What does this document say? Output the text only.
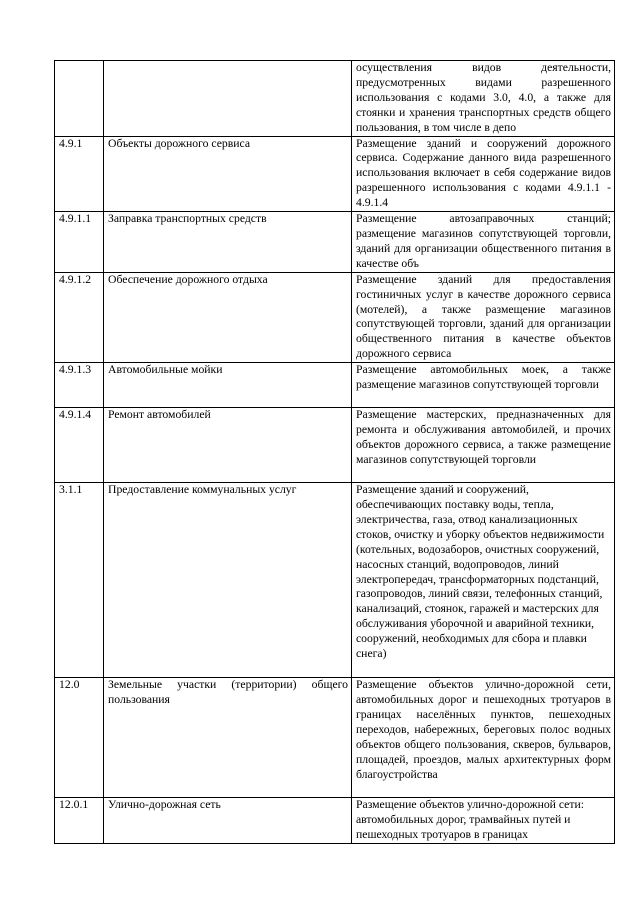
		осуществления видов деятельности, предусмотренных видами разрешенного использования с кодами 3.0, 4.0, а также для стоянки и хранения транспортных средств общего пользования, в том числе в депо
4.9.1	Объекты дорожного сервиса	Размещение зданий и сооружений дорожного сервиса. Содержание данного вида разрешенного использования включает в себя содержание видов разрешенного использования с кодами 4.9.1.1 - 4.9.1.4
4.9.1.1	Заправка транспортных средств	Размещение автозаправочных станций; размещение магазинов сопутствующей торговли, зданий для организации общественного питания в качестве объ
4.9.1.2	Обеспечение дорожного отдыха	Размещение зданий для предоставления гостиничных услуг в качестве дорожного сервиса (мотелей), а также размещение магазинов сопутствующей торговли, зданий для организации общественного питания в качестве объектов дорожного сервиса
4.9.1.3	Автомобильные мойки	Размещение автомобильных моек, а также размещение магазинов сопутствующей торговли
4.9.1.4	Ремонт автомобилей	Размещение мастерских, предназначенных для ремонта и обслуживания автомобилей, и прочих объектов дорожного сервиса, а также размещение магазинов сопутствующей торговли
3.1.1	Предоставление коммунальных услуг	Размещение зданий и сооружений, обеспечивающих поставку воды, тепла, электричества, газа, отвод канализационных стоков, очистку и уборку объектов недвижимости (котельных, водозаборов, очистных сооружений, насосных станций, водопроводов, линий электропередач, трансформаторных подстанций, газопроводов, линий связи, телефонных станций, канализаций, стоянок, гаражей и мастерских для обслуживания уборочной и аварийной техники, сооружений, необходимых для сбора и плавки снега)
12.0	Земельные участки (территории) общего пользования	Размещение объектов улично-дорожной сети, автомобильных дорог и пешеходных тротуаров в границах населённых пунктов, пешеходных переходов, набережных, береговых полос водных объектов общего пользования, скверов, бульваров, площадей, проездов, малых архитектурных форм благоустройства
12.0.1	Улично-дорожная сеть	Размещение объектов улично-дорожной сети: автомобильных дорог, трамвайных путей и пешеходных тротуаров в границах
